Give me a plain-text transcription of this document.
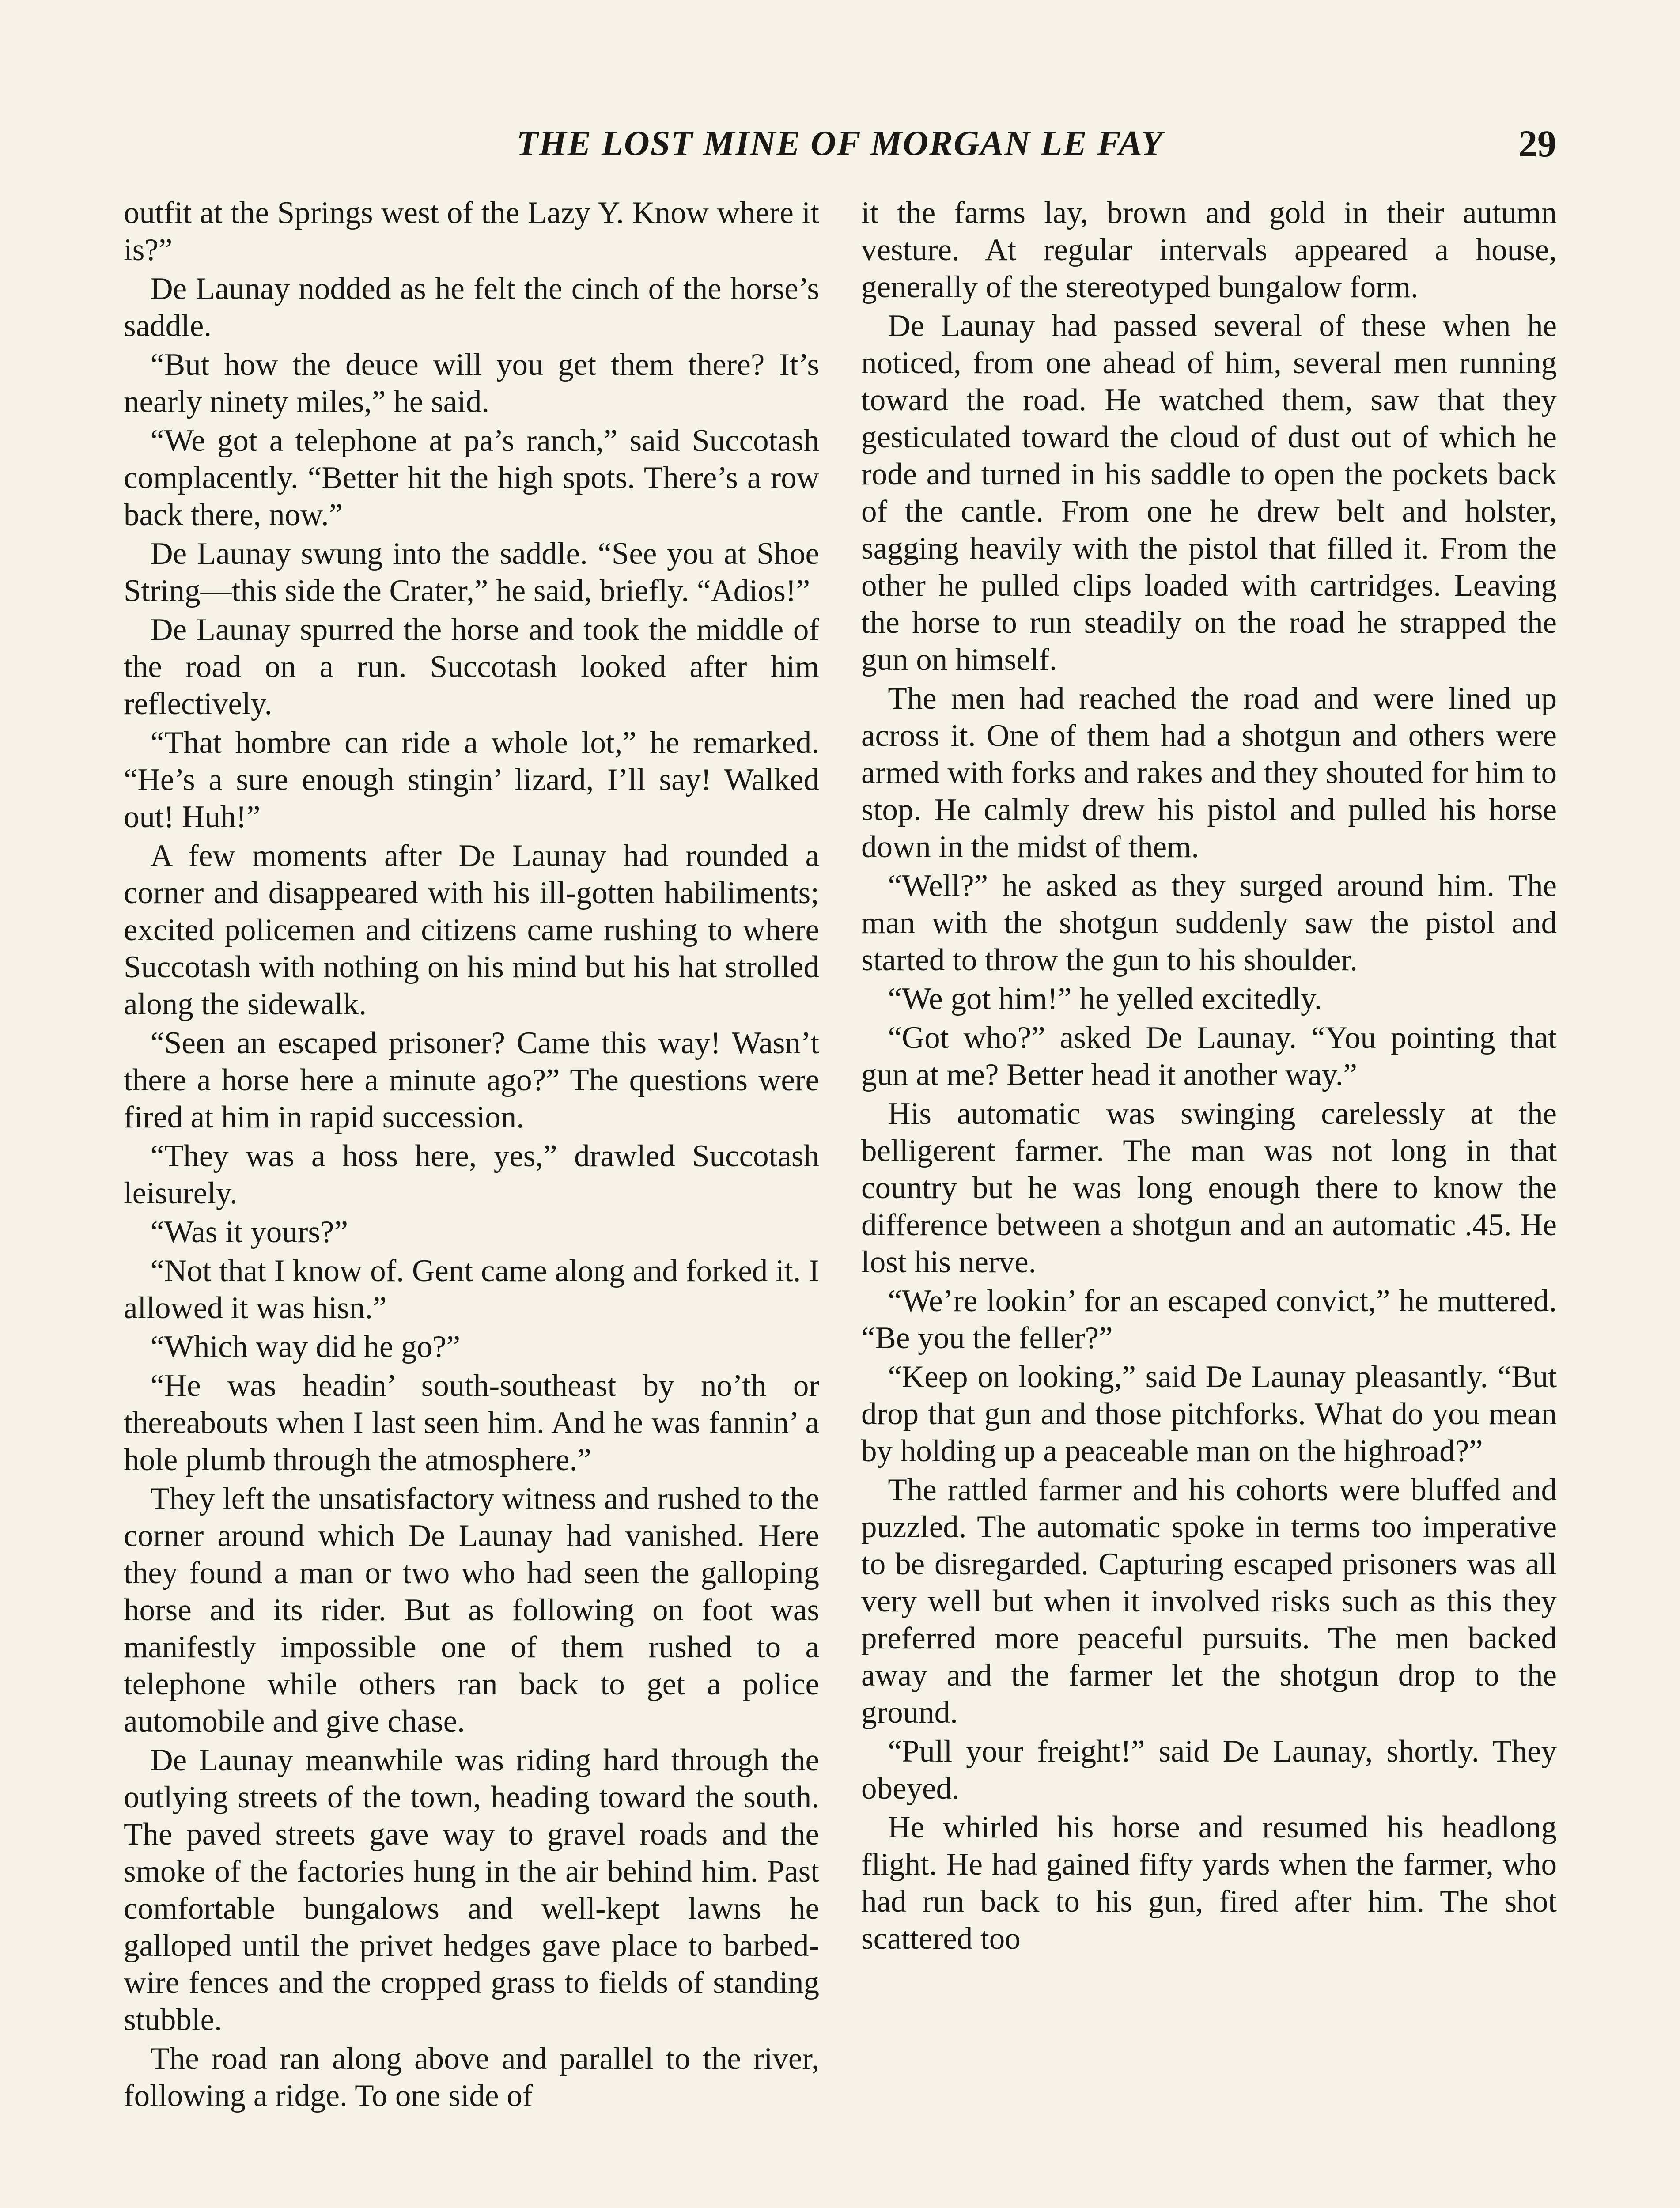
THE LOST MINE OF MORGAN LE FAY	29

outfit at the Springs west of the Lazy Y. Know where it is?”

De Launay nodded as he felt the cinch of the horse’s saddle.

“But how the deuce will you get them there? It’s nearly ninety miles,” he said.

“We got a telephone at pa’s ranch,” said Succotash complacently. “Better hit the high spots. There’s a row back there, now.”

De Launay swung into the saddle. “See you at Shoe String—this side the Crater,” he said, briefly. “Adios!”

De Launay spurred the horse and took the middle of the road on a run. Succotash looked after him reflectively.

“That hombre can ride a whole lot,” he remarked. “He’s a sure enough stingin’ lizard, I’ll say! Walked out! Huh!”

A few moments after De Launay had rounded a corner and disappeared with his ill-gotten habiliments; excited policemen and citizens came rushing to where Succotash with nothing on his mind but his hat strolled along the sidewalk.

“Seen an escaped prisoner? Came this way! Wasn’t there a horse here a minute ago?” The questions were fired at him in rapid succession.

“They was a hoss here, yes,” drawled Succotash leisurely.

“Was it yours?”

“Not that I know of. Gent came along and forked it. I allowed it was hisn.”

“Which way did he go?”

“He was headin’ south-southeast by no’th or thereabouts when I last seen him. And he was fannin’ a hole plumb through the atmosphere.”

They left the unsatisfactory witness and rushed to the corner around which De Launay had vanished. Here they found a man or two who had seen the galloping horse and its rider. But as following on foot was manifestly impossible one of them rushed to a telephone while others ran back to get a police automobile and give chase.

De Launay meanwhile was riding hard through the outlying streets of the town, heading toward the south. The paved streets gave way to gravel roads and the smoke of the factories hung in the air behind him. Past comfortable bungalows and well-kept lawns he galloped until the privet hedges gave place to barbed-wire fences and the cropped grass to fields of standing stubble.

The road ran along above and parallel to the river, following a ridge. To one side of

it the farms lay, brown and gold in their autumn vesture. At regular intervals appeared a house, generally of the stereotyped bungalow form.

De Launay had passed several of these when he noticed, from one ahead of him, several men running toward the road. He watched them, saw that they gesticulated toward the cloud of dust out of which he rode and turned in his saddle to open the pockets back of the cantle. From one he drew belt and holster, sagging heavily with the pistol that filled it. From the other he pulled clips loaded with cartridges. Leaving the horse to run steadily on the road he strapped the gun on himself.

The men had reached the road and were lined up across it. One of them had a shotgun and others were armed with forks and rakes and they shouted for him to stop. He calmly drew his pistol and pulled his horse down in the midst of them.

“Well?” he asked as they surged around him. The man with the shotgun suddenly saw the pistol and started to throw the gun to his shoulder.

“We got him!” he yelled excitedly.

“Got who?” asked De Launay. “You pointing that gun at me? Better head it another way.”

His automatic was swinging carelessly at the belligerent farmer. The man was not long in that country but he was long enough there to know the difference between a shotgun and an automatic .45. He lost his nerve.

“We’re lookin’ for an escaped convict,” he muttered. “Be you the feller?”

“Keep on looking,” said De Launay pleasantly. “But drop that gun and those pitchforks. What do you mean by holding up a peaceable man on the highroad?”

The rattled farmer and his cohorts were bluffed and puzzled. The automatic spoke in terms too imperative to be disregarded. Capturing escaped prisoners was all very well but when it involved risks such as this they preferred more peaceful pursuits. The men backed away and the farmer let the shotgun drop to the ground.

“Pull your freight!” said De Launay, shortly. They obeyed.

He whirled his horse and resumed his headlong flight. He had gained fifty yards when the farmer, who had run back to his gun, fired after him. The shot scattered too
